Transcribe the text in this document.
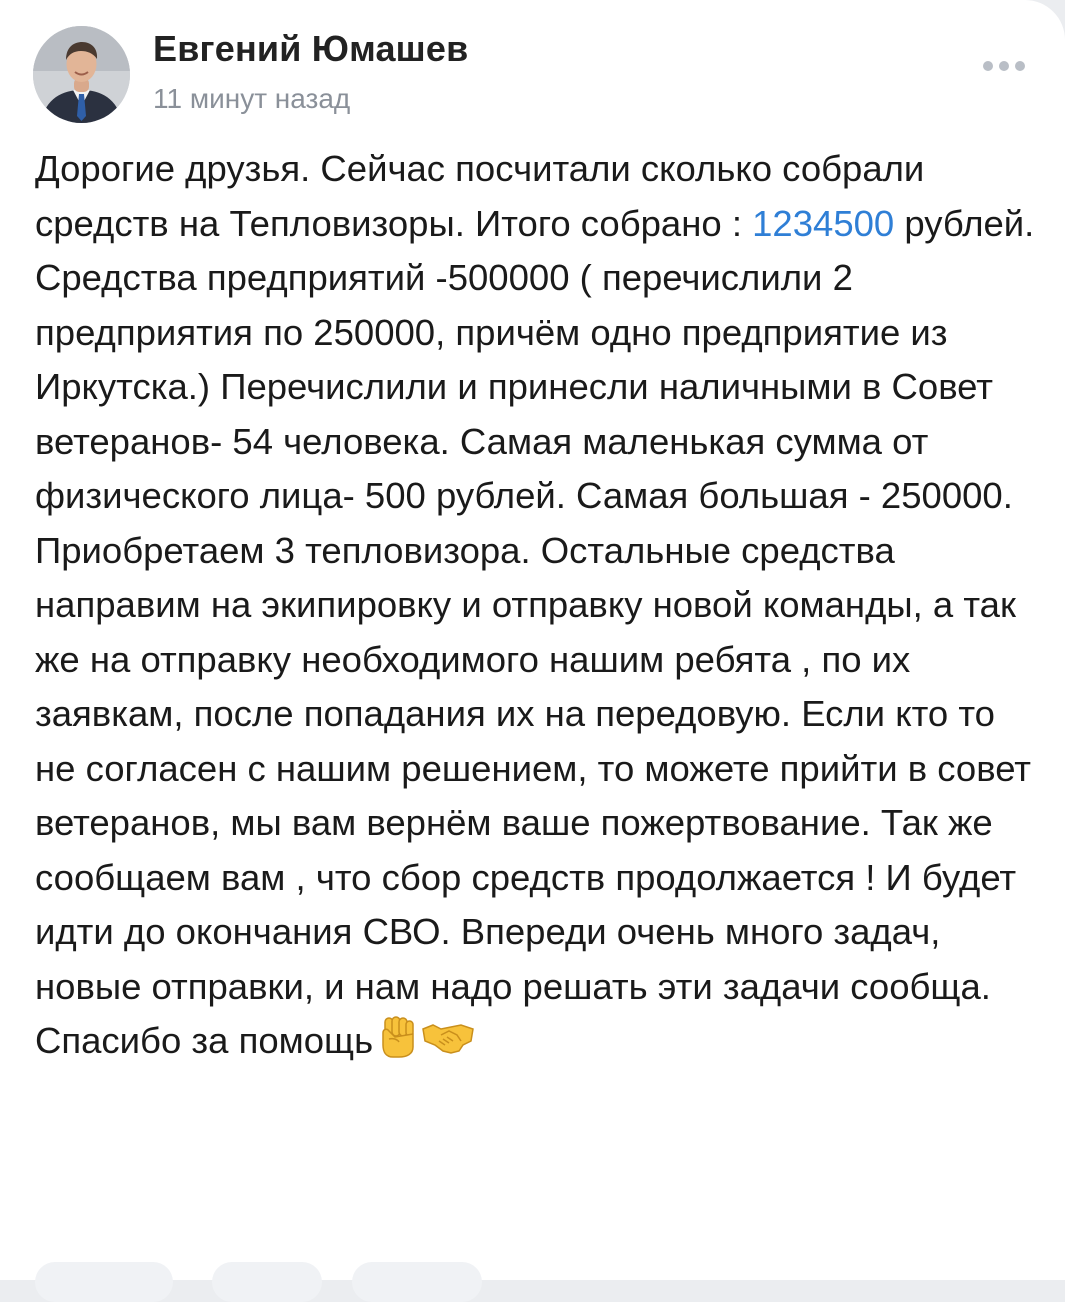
Евгений Юмашев
11 минут назад

Дорогие друзья. Сейчас посчитали сколько собрали средств на Тепловизоры. Итого собрано : 1234500 рублей. Средства предприятий -500000 ( перечислили 2 предприятия по 250000, причём одно предприятие из Иркутска.) Перечислили и принесли наличными в Совет ветеранов- 54 человека. Самая маленькая сумма от физического лица- 500 рублей. Самая большая - 250000. Приобретаем 3 тепловизора. Остальные средства направим на экипировку и отправку новой команды, а так же на отправку необходимого нашим ребята , по их заявкам, после попадания их на передовую. Если кто то не согласен с нашим решением, то можете прийти в совет ветеранов, мы вам вернём ваше пожертвование. Так же сообщаем вам , что сбор средств продолжается ! И будет идти до окончания СВО. Впереди очень много задач, новые отправки, и нам надо решать эти задачи сообща. Спасибо за помощь
